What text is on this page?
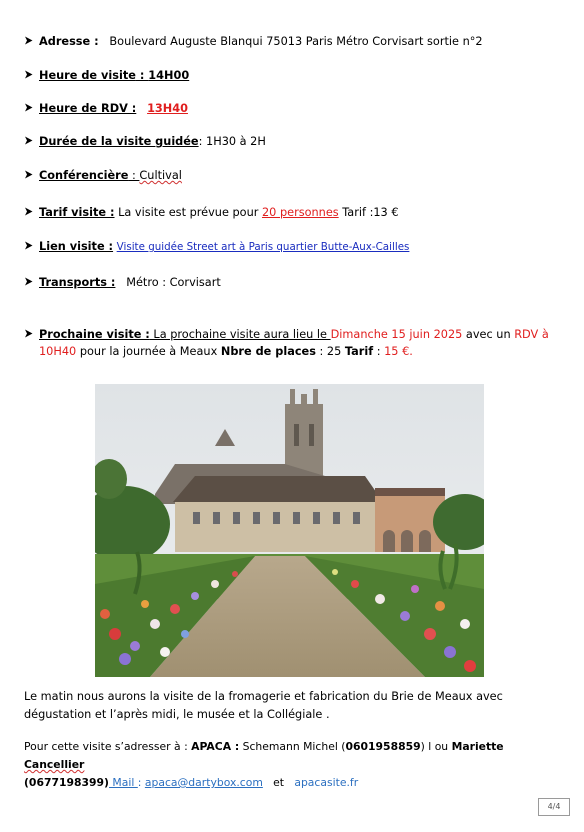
Adresse : Boulevard Auguste Blanqui 75013 Paris Métro Corvisart sortie n°2
Heure de visite : 14H00
Heure de RDV : 13H40
Durée de la visite guidée: 1H30 à 2H
Conférencière : Cultival
Tarif visite : La visite est prévue pour 20 personnes Tarif :13 €
Lien visite : Visite guidée Street art à Paris quartier Butte-Aux-Cailles
Transports : Métro : Corvisart
Prochaine visite : La prochaine visite aura lieu le Dimanche 15 juin 2025 avec un RDV à
10H40 pour la journée à Meaux Nbre de places : 25 Tarif : 15 €.
Le matin nous aurons la visite de la fromagerie et fabrication du Brie de Meaux avec
dégustation et l’après midi, le musée et la Collégiale .
Pour cette visite s’adresser à : APACA : Schemann Michel (0601958859) l ou Mariette Cancellier
(0677198399) Mail : apaca@dartybox.com   et   apacasite.fr
4/4
